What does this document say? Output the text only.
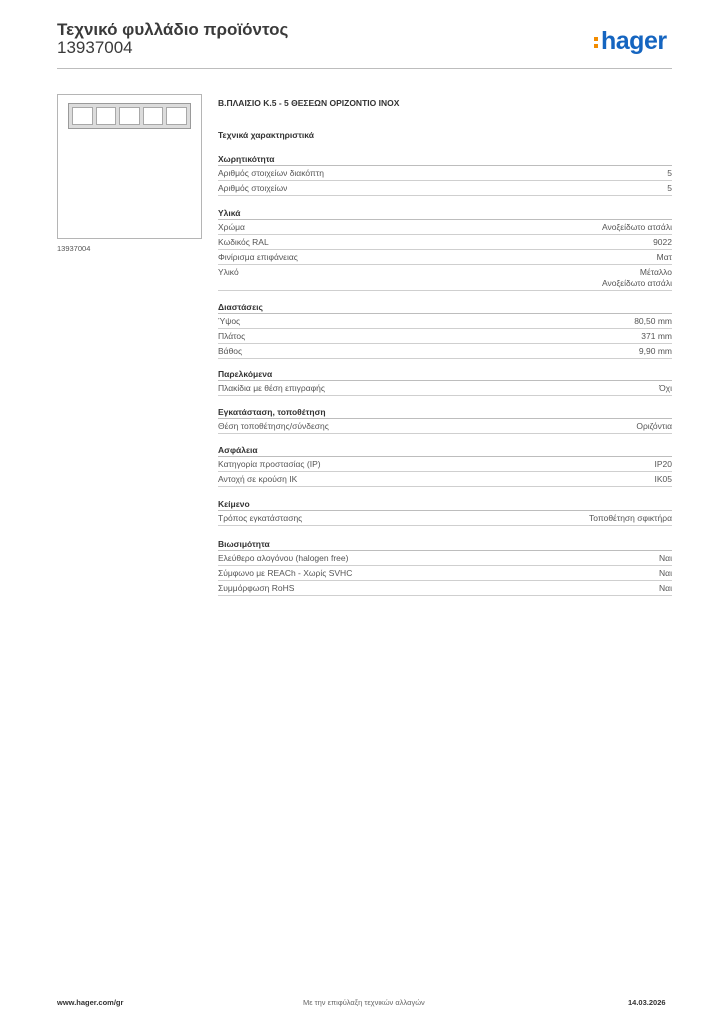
Τεχνικό φυλλάδιο προϊόντος
13937004	hager
13937004
Β.ΠΛΑΙΣΙΟ Κ.5 - 5 ΘΕΣΕΩΝ ΟΡΙΖΟΝΤΙΟ ΙΝΟΧ
Τεχνικά χαρακτηριστικά
Χωρητικότητα
Αριθμός στοιχείων διακόπτη	5
Αριθμός στοιχείων	5
Υλικά
Χρώμα	Ανοξείδωτο ατσάλι
Κωδικός RAL	9022
Φινίρισμα επιφάνειας	Ματ
Υλικό	Μέταλλο
Ανοξείδωτο ατσάλι
Διαστάσεις
Ύψος	80,50 mm
Πλάτος	371 mm
Βάθος	9,90 mm
Παρελκόμενα
Πλακίδια με θέση επιγραφής	Όχι
Εγκατάσταση, τοποθέτηση
Θέση τοποθέτησης/σύνδεσης	Οριζόντια
Ασφάλεια
Κατηγορία προστασίας (IP)	IP20
Αντοχή σε κρούση IK	IK05
Κείμενο
Τρόπος εγκατάστασης	Τοποθέτηση σφικτήρα
Βιωσιμότητα
Ελεύθερο αλογόνου (halogen free)	Ναι
Σύμφωνο με REACh - Χωρίς SVHC	Ναι
Συμμόρφωση RoHS	Ναι
www.hager.com/gr	Με την επιφύλαξη τεχνικών αλλαγών	14.03.2026
